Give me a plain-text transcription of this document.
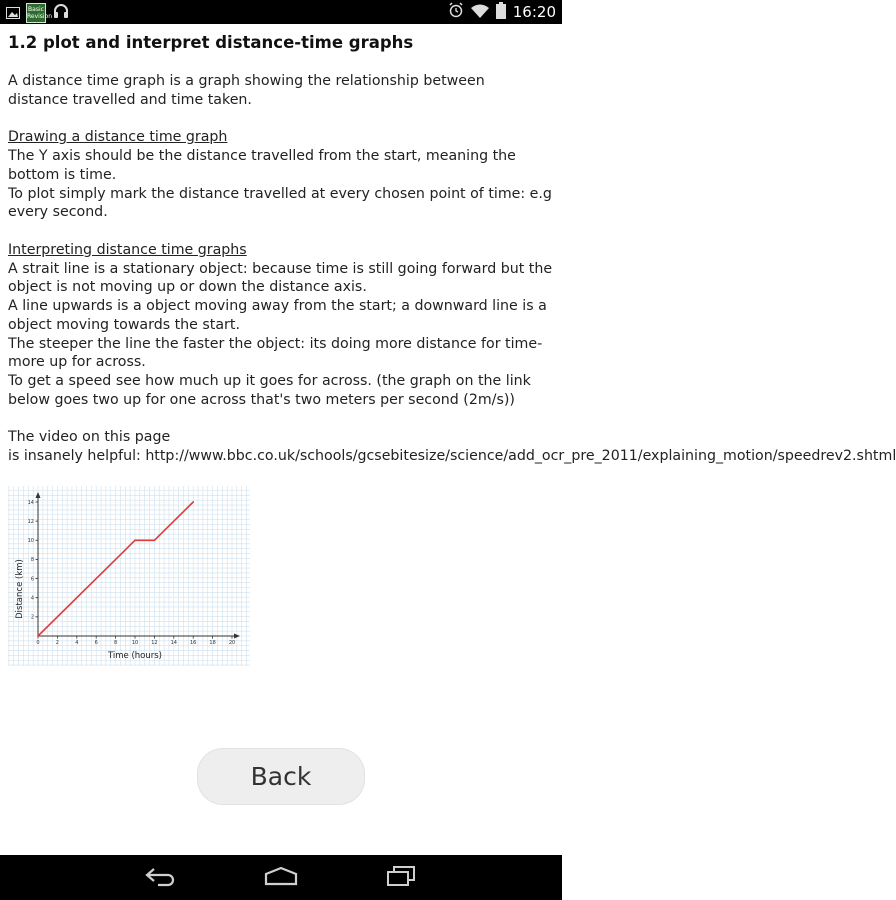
Basic Revision	16:20
1.2 plot and interpret distance-time graphs
A distance time graph is a graph showing the relationship between
distance travelled and time taken.
Drawing a distance time graph
The Y axis should be the distance travelled from the start, meaning the bottom is time.
To plot simply mark the distance travelled at every chosen point of time: e.g every second.
Interpreting distance time graphs
A strait line is a stationary object: because time is still going forward but the object is not moving up or down the distance axis.
A line upwards is a object moving away from the start; a downward line is a object moving towards the start.
The steeper the line the faster the object: its doing more distance for time- more up for across.
To get a speed see how much up it goes for across. (the graph on the link below goes two up for one across that's two meters per second (2m/s))
The video on this page
is insanely helpful: http://www.bbc.co.uk/schools/gcsebitesize/science/add_ocr_pre_2011/explaining_motion/speedrev2.shtml
0	2	4	6	8	10	12	14	16	18	20
2
4
6
8
10
12
14
Time (hours)
Distance (km)
Back
